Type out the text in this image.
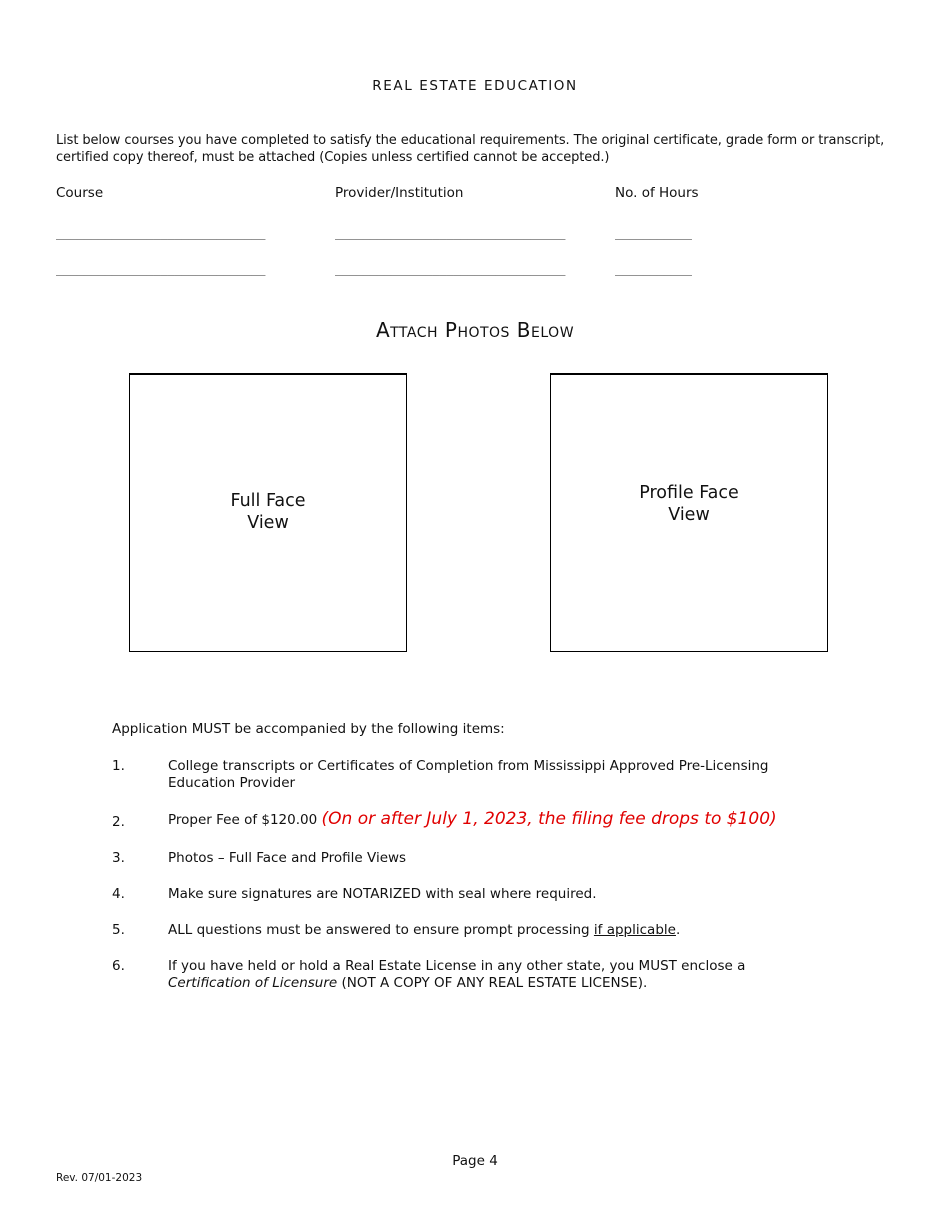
REAL ESTATE EDUCATION
List below courses you have completed to satisfy the educational requirements. The original certificate, grade form or transcript, certified copy thereof, must be attached (Copies unless certified cannot be accepted.)
Course	Provider/Institution	No. of Hours
______________________________	_________________________________	___________
______________________________	_________________________________	___________
Attach Photos Below
Full Face
View
Profile Face
View
Application MUST be accompanied by the following items:
1.	College transcripts or Certificates of Completion from Mississippi Approved Pre-Licensing Education Provider
2.	Proper Fee of $120.00 (On or after July 1, 2023, the filing fee drops to $100)
3.	Photos – Full Face and Profile Views
4.	Make sure signatures are NOTARIZED with seal where required.
5.	ALL questions must be answered to ensure prompt processing if applicable.
6.	If you have held or hold a Real Estate License in any other state, you MUST enclose a
Certification of Licensure (NOT A COPY OF ANY REAL ESTATE LICENSE).
Page 4
Rev. 07/01-2023
